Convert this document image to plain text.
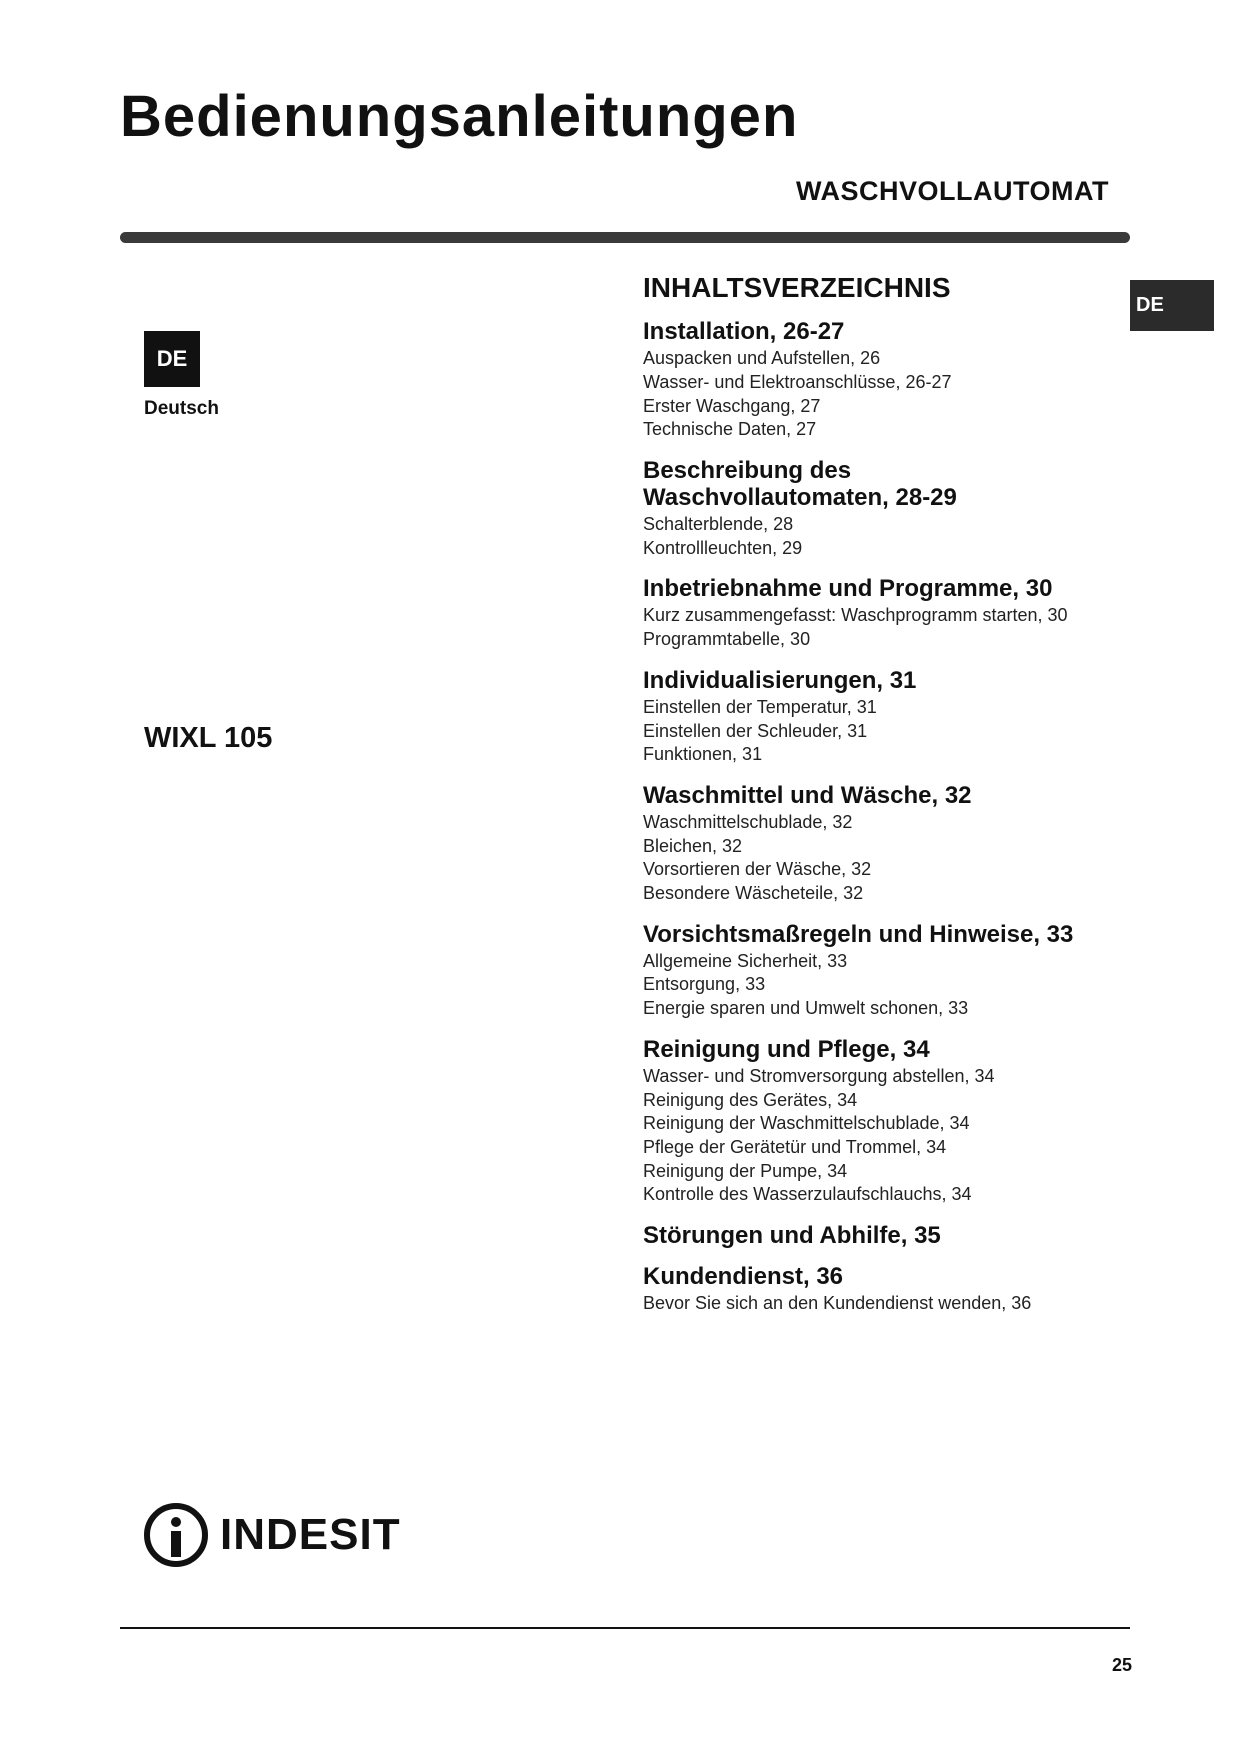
Bedienungsanleitungen
WASCHVOLLAUTOMAT
DE
Deutsch
WIXL 105
DE
INHALTSVERZEICHNIS
Installation, 26-27
Auspacken und Aufstellen, 26
Wasser- und Elektroanschlüsse, 26-27
Erster Waschgang, 27
Technische Daten, 27
Beschreibung des
Waschvollautomaten, 28-29
Schalterblende, 28
Kontrollleuchten, 29
Inbetriebnahme und Programme, 30
Kurz zusammengefasst: Waschprogramm starten, 30
Programmtabelle, 30
Individualisierungen, 31
Einstellen der Temperatur, 31
Einstellen der Schleuder, 31
Funktionen, 31
Waschmittel und Wäsche, 32
Waschmittelschublade, 32
Bleichen, 32
Vorsortieren der Wäsche, 32
Besondere Wäscheteile, 32
Vorsichtsmaßregeln und Hinweise, 33
Allgemeine Sicherheit, 33
Entsorgung, 33
Energie sparen und Umwelt schonen, 33
Reinigung und Pflege, 34
Wasser- und Stromversorgung abstellen, 34
Reinigung des Gerätes, 34
Reinigung der Waschmittelschublade, 34
Pflege der Gerätetür und Trommel, 34
Reinigung der Pumpe, 34
Kontrolle des Wasserzulaufschlauchs, 34
Störungen und Abhilfe, 35
Kundendienst, 36
Bevor Sie sich an den Kundendienst wenden, 36
INDESIT
25
